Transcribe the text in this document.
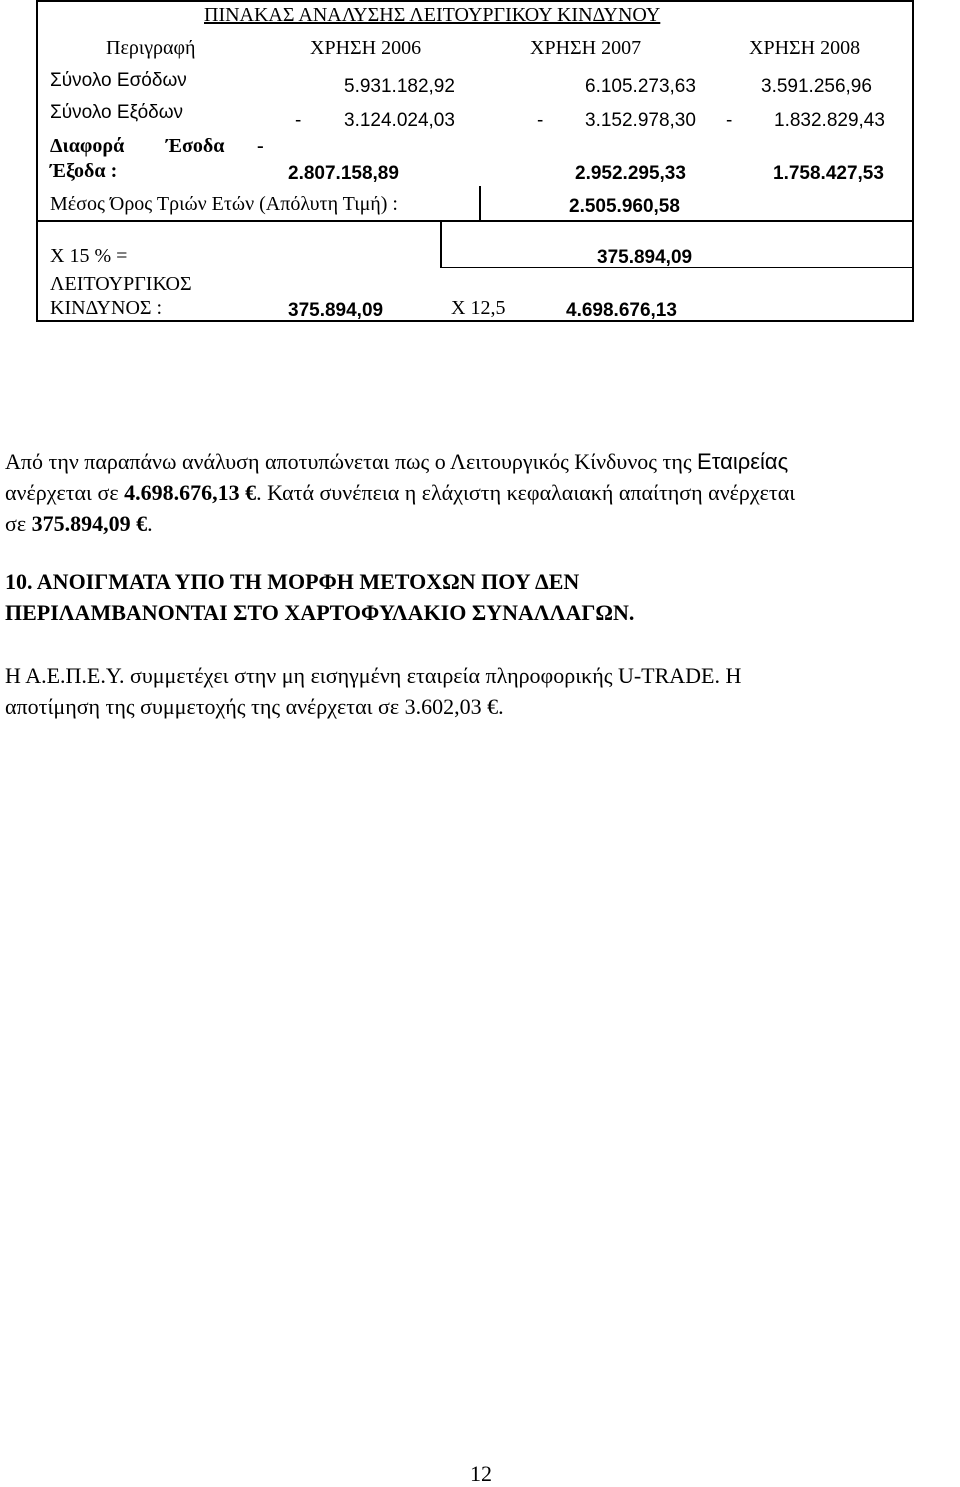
ΠΙΝΑΚΑΣ ΑΝΑΛΥΣΗΣ ΛΕΙΤΟΥΡΓΙΚΟΥ ΚΙΝΔΥΝΟΥ
Περιγραφή	ΧΡΗΣΗ 2006	ΧΡΗΣΗ 2007	ΧΡΗΣΗ 2008
Σύνολο Εσόδων	5.931.182,92	6.105.273,63	3.591.256,96
Σύνολο Εξόδων	- 3.124.024,03	- 3.152.978,30 - 1.832.829,43
Διαφορά Έσοδα -
Έξοδα :	2.807.158,89	2.952.295,33	1.758.427,53
Μέσος Όρος Τριών Ετών (Απόλυτη Τιμή) :	2.505.960,58
X 15 % =	375.894,09
ΛΕΙΤΟΥΡΓΙΚΟΣ
ΚΙΝΔΥΝΟΣ :	375.894,09	X 12,5	4.698.676,13
Από την παραπάνω ανάλυση αποτυπώνεται πως ο Λειτουργικός Κίνδυνος της Εταιρείας
ανέρχεται σε 4.698.676,13 €. Κατά συνέπεια η ελάχιστη κεφαλαιακή απαίτηση ανέρχεται
σε 375.894,09 €.
10. ΑΝΟΙΓΜΑΤΑ ΥΠΟ ΤΗ ΜΟΡΦΗ ΜΕΤΟΧΩΝ ΠΟΥ ΔΕΝ
ΠΕΡΙΛΑΜΒΑΝΟΝΤΑΙ ΣΤΟ ΧΑΡΤΟΦΥΛΑΚΙΟ ΣΥΝΑΛΛΑΓΩΝ.
Η Α.Ε.Π.Ε.Υ. συμμετέχει στην μη εισηγμένη εταιρεία πληροφορικής U-TRADE. Η
αποτίμηση της συμμετοχής της ανέρχεται σε 3.602,03 €.
12
